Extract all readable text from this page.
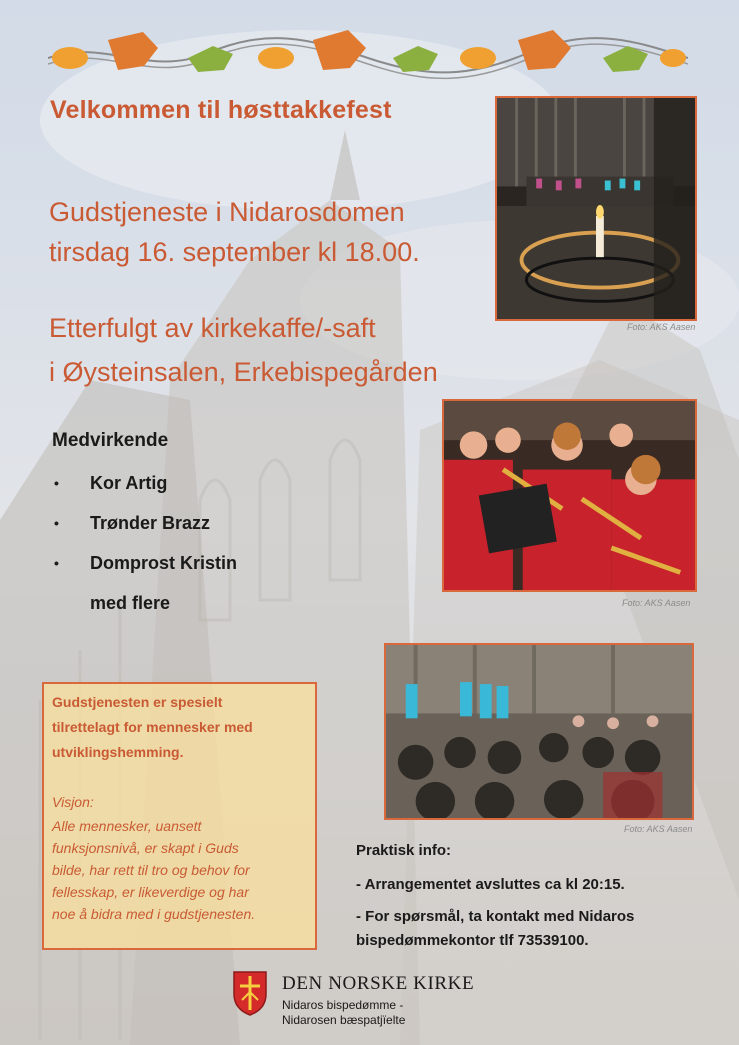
Velkommen til høsttakkefest
Gudstjeneste i Nidarosdomen
tirsdag 16. september kl 18.00.
Etterfulgt av kirkekaffe/-saft
i Øysteinsalen, Erkebispegården
Medvirkende
• Kor Artig
• Trønder Brazz
• Domprost Kristin
med flere
Foto: AKS Aasen
Foto: AKS Aasen
Foto: AKS Aasen
Gudstjenesten er spesielt
tilrettelagt for mennesker med
utviklingshemming.
Visjon:
Alle mennesker, uansett
funksjonsnivå, er skapt i Guds
bilde, har rett til tro og behov for
fellesskap, er likeverdige og har
noe å bidra med i gudstjenesten.
Praktisk info:
- Arrangementet avsluttes ca kl 20:15.
- For spørsmål, ta kontakt med Nidaros
bispedømmekontor tlf 73539100.
DEN NORSKE KIRKE
Nidaros bispedømme -
Nidarosen bæspatjïelte
